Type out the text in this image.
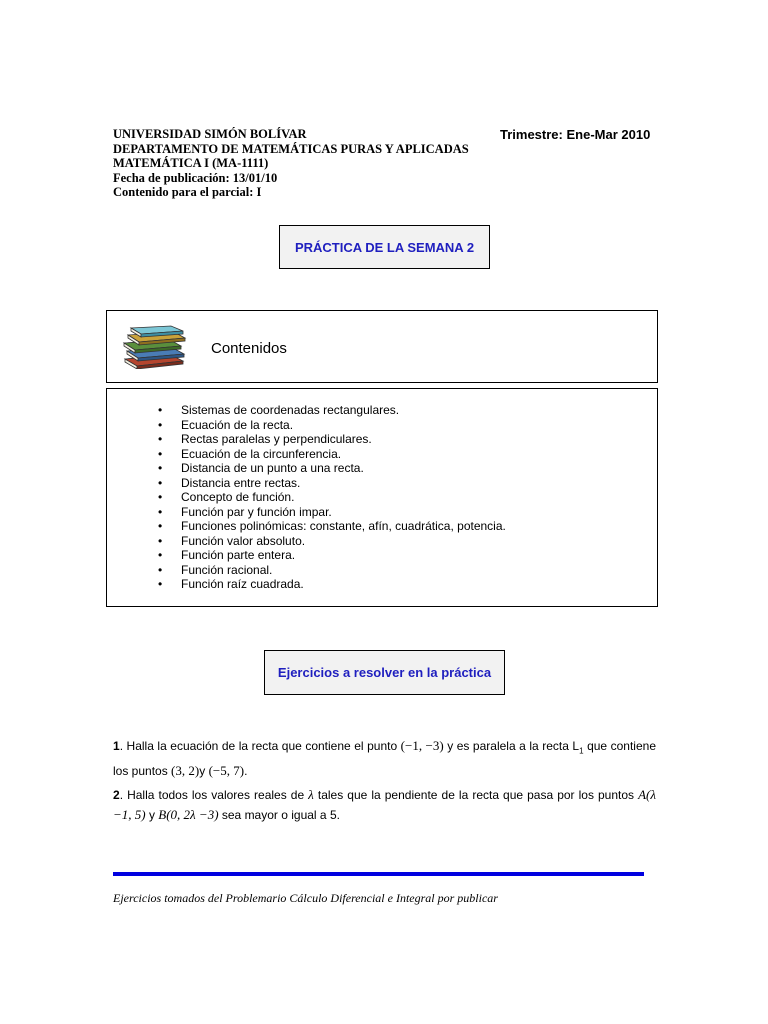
UNIVERSIDAD SIMÓN BOLÍVAR
DEPARTAMENTO DE MATEMÁTICAS PURAS Y APLICADAS
MATEMÁTICA I (MA-1111)
Fecha de publicación: 13/01/10
Contenido para el parcial: I
Trimestre: Ene-Mar 2010
PRÁCTICA DE LA SEMANA 2
Contenidos
• Sistemas de coordenadas rectangulares.
• Ecuación de la recta.
• Rectas paralelas y perpendiculares.
• Ecuación de la circunferencia.
• Distancia de un punto a una recta.
• Distancia entre rectas.
• Concepto de función.
• Función par y función impar.
• Funciones polinómicas: constante, afín, cuadrática, potencia.
• Función valor absoluto.
• Función parte entera.
• Función racional.
• Función raíz cuadrada.
Ejercicios a resolver en la práctica
1. Halla la ecuación de la recta que contiene el punto (−1, −3) y es paralela a la recta $L_1$ que contiene los puntos (3, 2)y (−5, 7).
2. Halla todos los valores reales de λ tales que la pendiente de la recta que pasa por los puntos A(λ −1, 5) y B(0, 2λ −3) sea mayor o igual a 5.
Ejercicios tomados del Problemario Cálculo Diferencial e Integral por publicar
